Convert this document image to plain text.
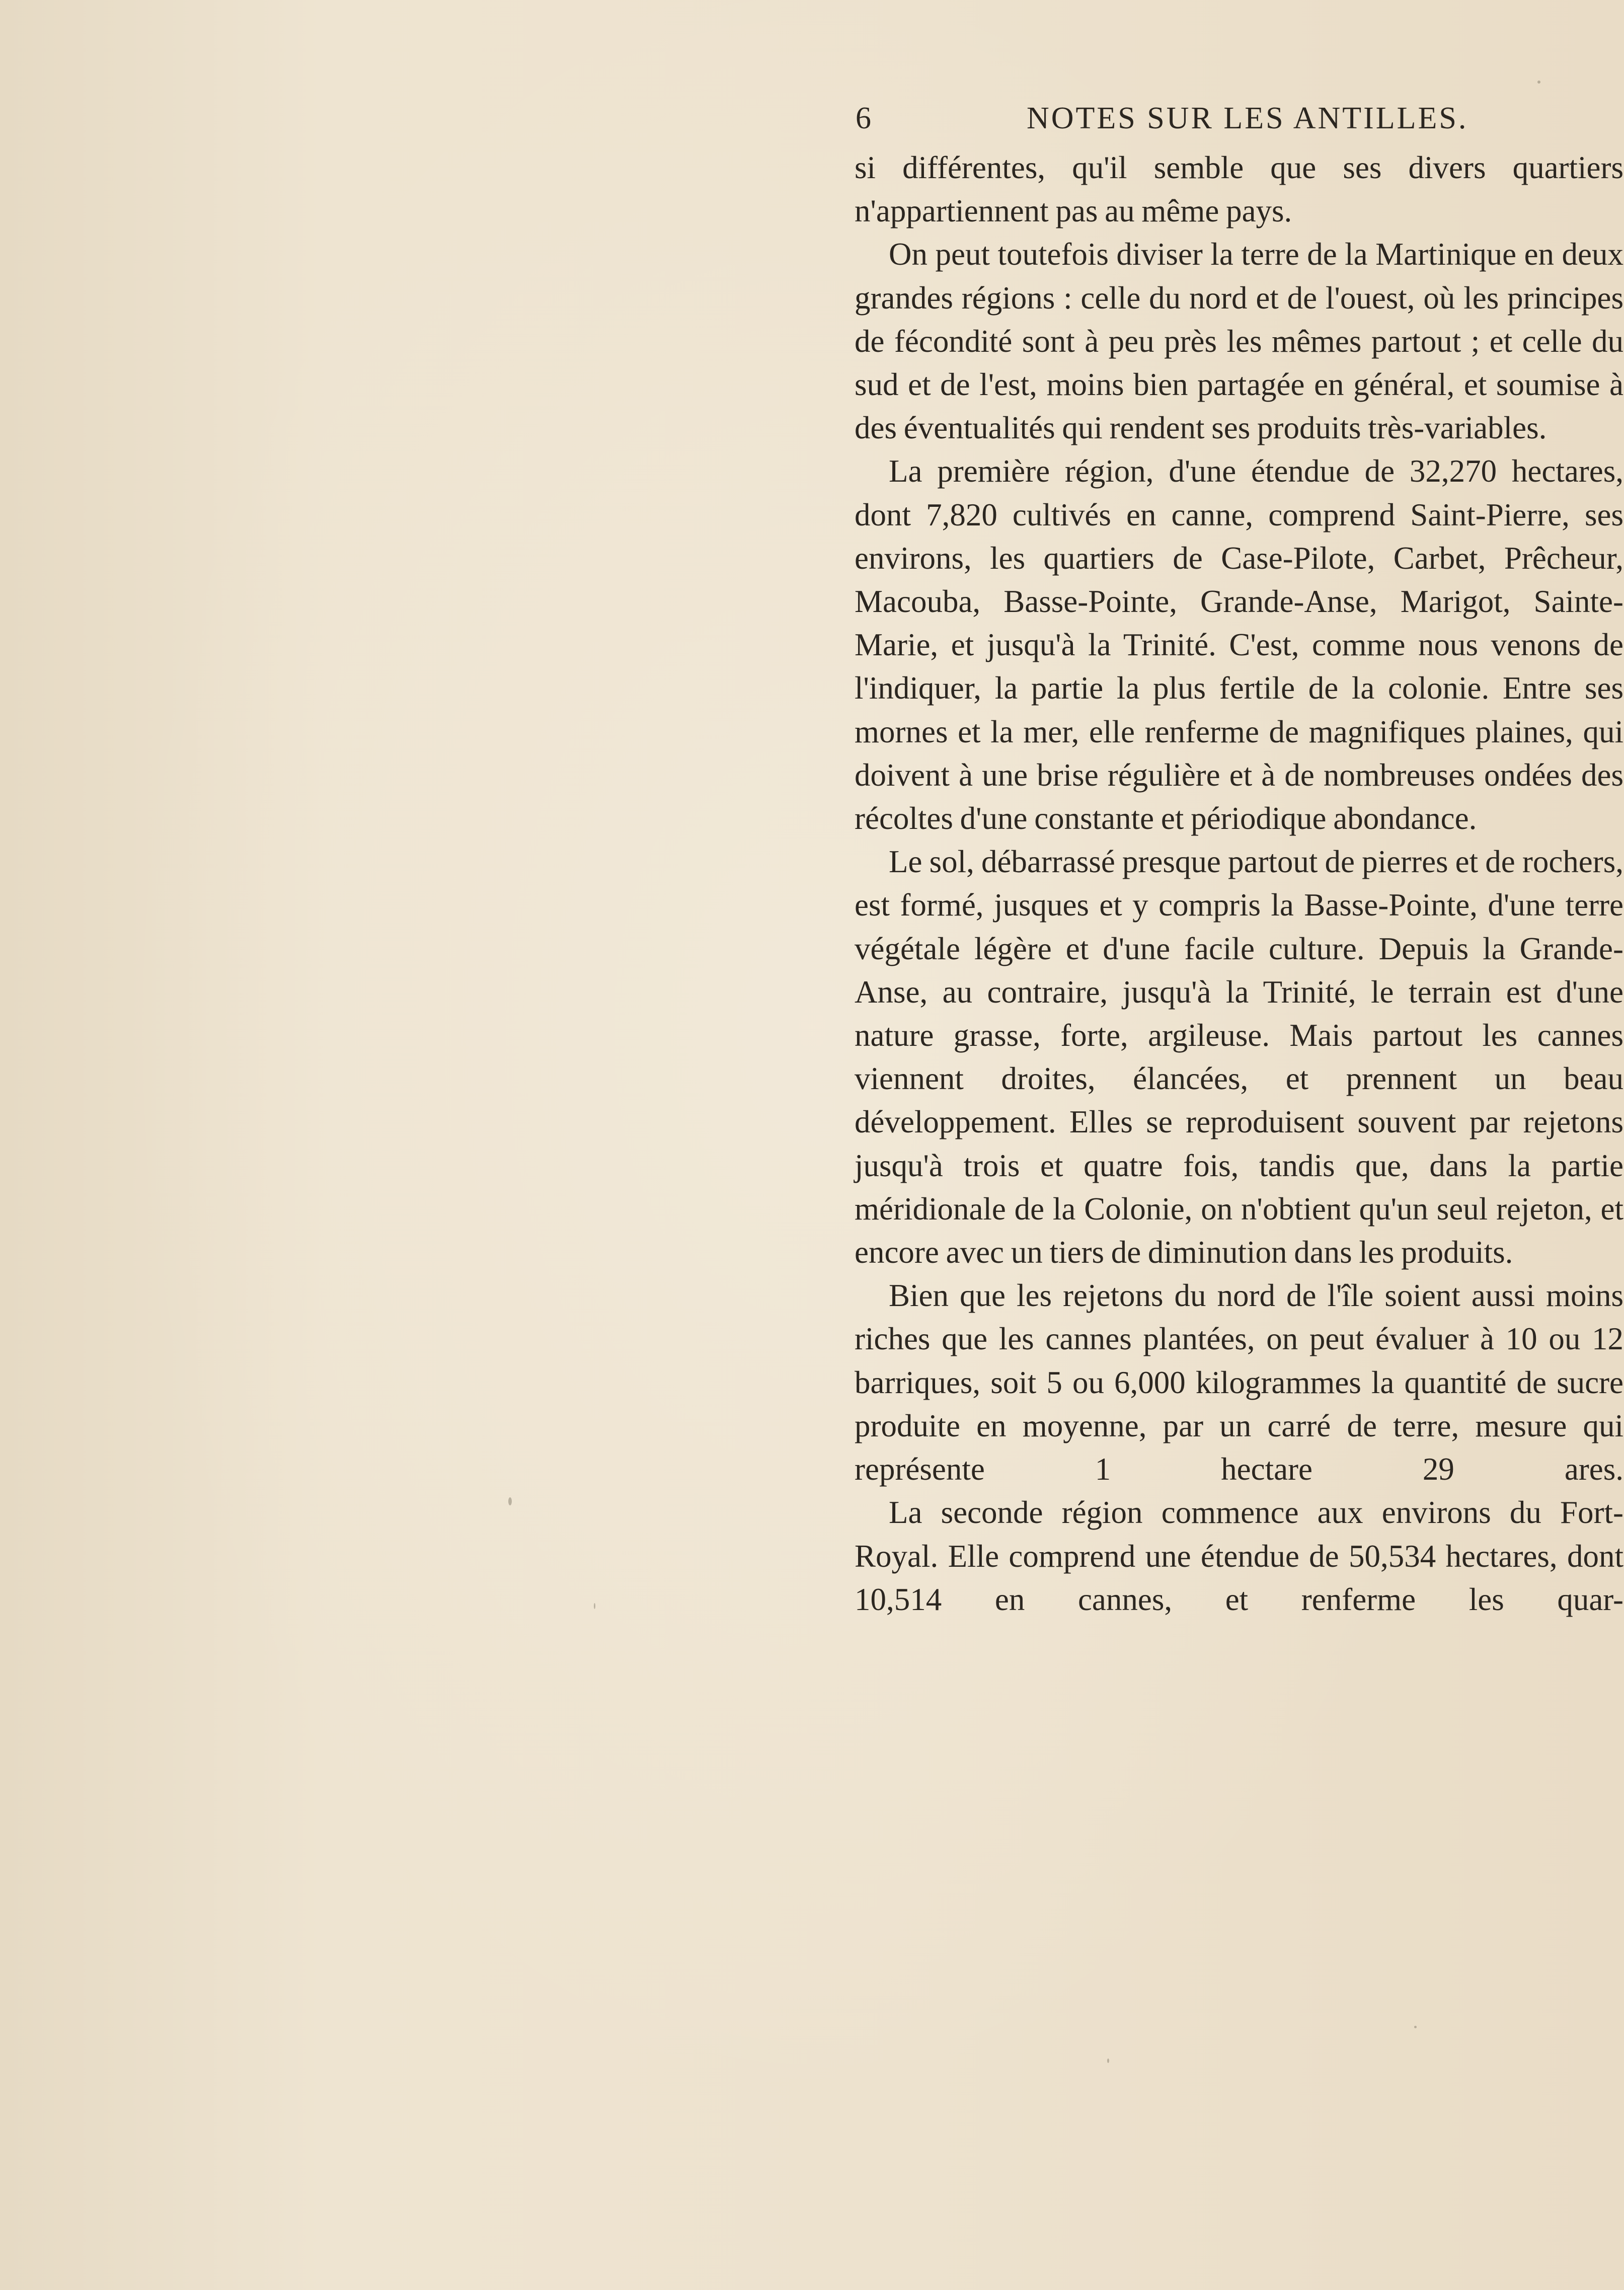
6	NOTES SUR LES ANTILLES.

si différentes, qu'il semble que ses divers quartiers n'appartiennent pas au même pays.

On peut toutefois diviser la terre de la Martinique en deux grandes régions : celle du nord et de l'ouest, où les principes de fécondité sont à peu près les mêmes partout ; et celle du sud et de l'est, moins bien partagée en général, et soumise à des éventualités qui rendent ses produits très-variables.

La première région, d'une étendue de 32,270 hectares, dont 7,820 cultivés en canne, comprend Saint-Pierre, ses environs, les quartiers de Case-Pilote, Carbet, Prêcheur, Macouba, Basse-Pointe, Grande-Anse, Marigot, Sainte-Marie, et jusqu'à la Trinité. C'est, comme nous venons de l'indiquer, la partie la plus fertile de la colonie. Entre ses mornes et la mer, elle renferme de magnifiques plaines, qui doivent à une brise régulière et à de nombreuses ondées des récoltes d'une constante et périodique abondance.

Le sol, débarrassé presque partout de pierres et de rochers, est formé, jusques et y compris la Basse-Pointe, d'une terre végétale légère et d'une facile culture. Depuis la Grande-Anse, au contraire, jusqu'à la Trinité, le terrain est d'une nature grasse, forte, argileuse. Mais partout les cannes viennent droites, élancées, et prennent un beau développement. Elles se reproduisent souvent par rejetons jusqu'à trois et quatre fois, tandis que, dans la partie méridionale de la Colonie, on n'obtient qu'un seul rejeton, et encore avec un tiers de diminution dans les produits.

Bien que les rejetons du nord de l'île soient aussi moins riches que les cannes plantées, on peut évaluer à 10 ou 12 barriques, soit 5 ou 6,000 kilogrammes la quantité de sucre produite en moyenne, par un carré de terre, mesure qui représente 1 hectare 29 ares.

La seconde région commence aux environs du Fort-Royal. Elle comprend une étendue de 50,534 hectares, dont 10,514 en cannes, et renferme les quar-
